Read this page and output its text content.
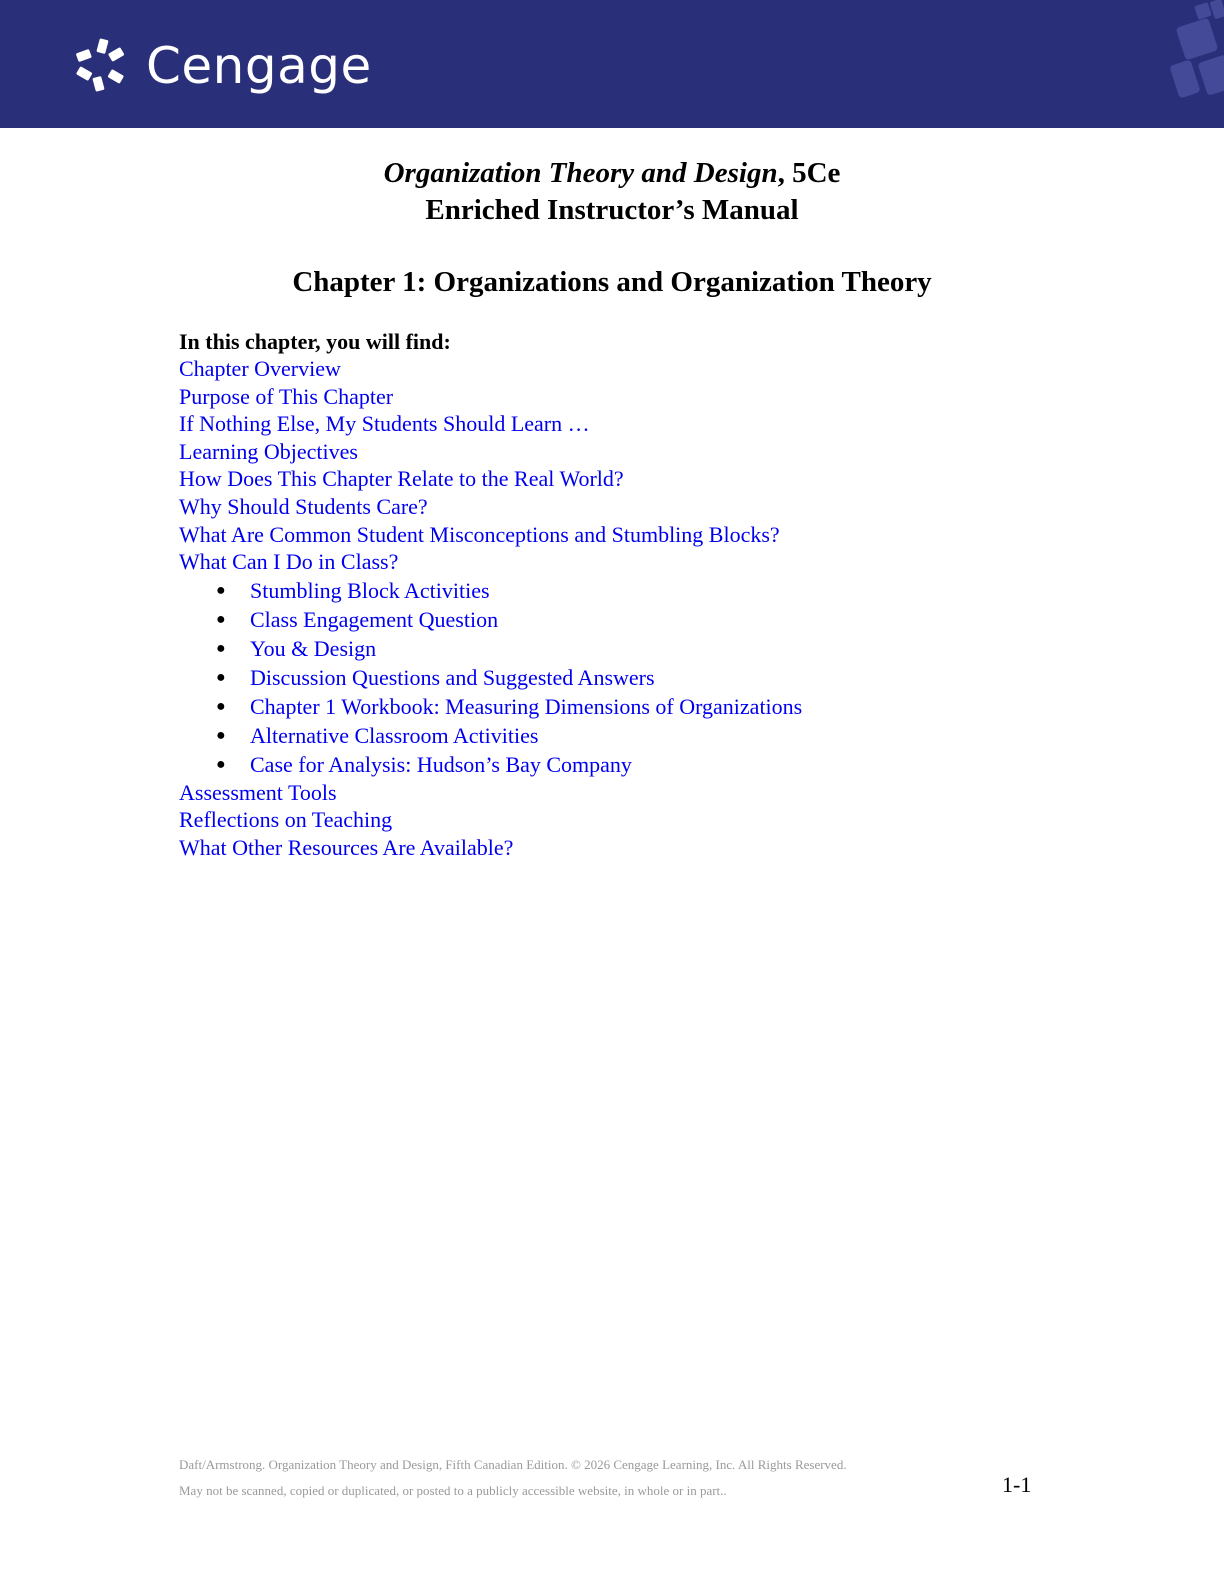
Cengage
Organization Theory and Design, 5Ce
Enriched Instructor’s Manual
Chapter 1: Organizations and Organization Theory

In this chapter, you will find:

Chapter Overview
Purpose of This Chapter
If Nothing Else, My Students Should Learn …
Learning Objectives
How Does This Chapter Relate to the Real World?
Why Should Students Care?
What Are Common Student Misconceptions and Stumbling Blocks?
What Can I Do in Class?
● Stumbling Block Activities
● Class Engagement Question
● You & Design
● Discussion Questions and Suggested Answers
● Chapter 1 Workbook: Measuring Dimensions of Organizations
● Alternative Classroom Activities
● Case for Analysis: Hudson’s Bay Company
Assessment Tools
Reflections on Teaching
What Other Resources Are Available?
Daft/Armstrong. Organization Theory and Design, Fifth Canadian Edition. © 2026 Cengage Learning, Inc. All Rights Reserved.
May not be scanned, copied or duplicated, or posted to a publicly accessible website, in whole or in part..	1-1
